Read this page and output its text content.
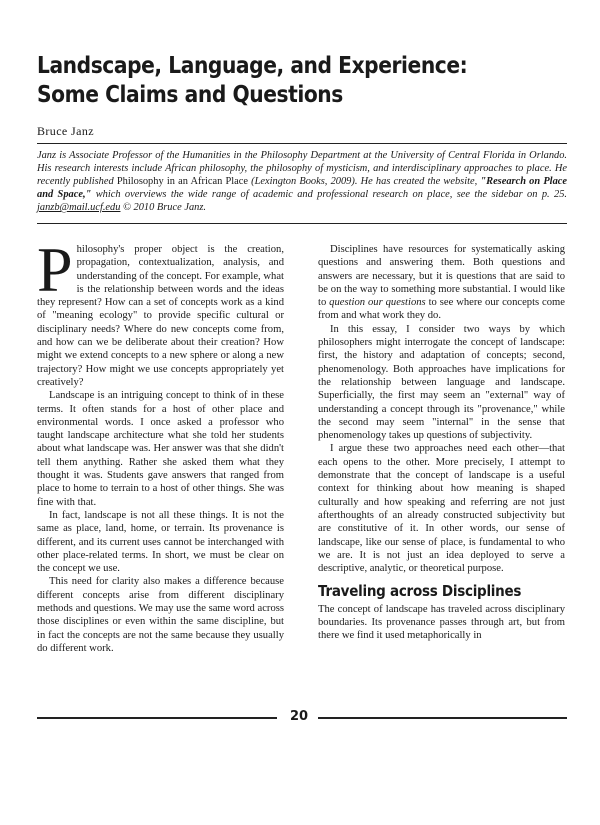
Landscape, Language, and Experience:
Some Claims and Questions
Bruce Janz
Janz is Associate Professor of the Humanities in the Philosophy Department at the University of Central Florida in Orlando. His research interests include African philosophy, the philosophy of mysticism, and interdisciplinary approaches to place. He recently published Philosophy in an African Place (Lexington Books, 2009). He has created the website, "Research on Place and Space," which overviews the wide range of academic and professional research on place, see the sidebar on p. 25. janzb@mail.ucf.edu © 2010 Bruce Janz.

Philosophy's proper object is the creation, propagation, contextualization, analysis, and understanding of the concept. For example, what is the relationship between words and the ideas they represent? How can a set of concepts work as a kind of "meaning ecology" to provide specific cultural or disciplinary needs? Where do new concepts come from, and how can we be deliberate about their creation? How might we extend concepts to a new sphere or along a new trajectory? How might we use concepts appropriately yet creatively?

Landscape is an intriguing concept to think of in these terms. It often stands for a host of other place and environmental words. I once asked a professor who taught landscape architecture what she told her students about what landscape was. Her answer was that she didn't tell them anything. Rather she asked them what they thought it was. Students gave answers that ranged from place to home to terrain to a host of other things. She was fine with that.

In fact, landscape is not all these things. It is not the same as place, land, home, or terrain. Its provenance is different, and its current uses cannot be interchanged with other place-related terms. In short, we must be clear on the concept we use.

This need for clarity also makes a difference because different concepts arise from different disciplinary methods and questions. We may use the same word across those disciplines or even within the same discipline, but in fact the concepts are not the same because they usually do different work.

Disciplines have resources for systematically asking questions and answering them. Both questions and answers are necessary, but it is questions that are said to be on the way to something more substantial. I would like to question our questions to see where our concepts come from and what work they do.

In this essay, I consider two ways by which philosophers might interrogate the concept of landscape: first, the history and adaptation of concepts; second, phenomenology. Both approaches have implications for the relationship between language and landscape. Superficially, the first may seem an "external" way of understanding a concept through its "provenance," while the second may seem "internal" in the sense that phenomenology takes up questions of subjectivity.

I argue these two approaches need each other—that each opens to the other. More precisely, I attempt to demonstrate that the concept of landscape is a useful context for thinking about how meaning is shaped culturally and how speaking and referring are not just afterthoughts of an already constructed subjectivity but are constitutive of it. In other words, our sense of landscape, like our sense of place, is fundamental to who we are. It is not just an idea deployed to serve a descriptive, analytic, or theoretical purpose.

Traveling across Disciplines

The concept of landscape has traveled across disciplinary boundaries. Its provenance passes through art, but from there we find it used metaphorically in

20
